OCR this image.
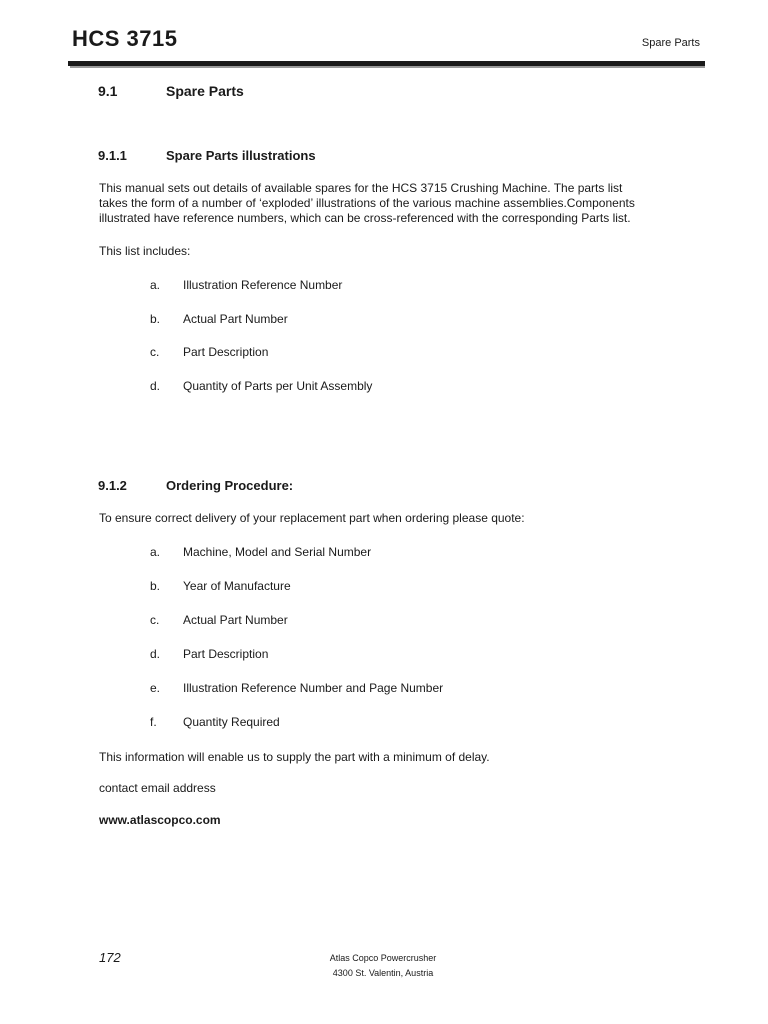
HCS 3715	Spare Parts
9.1	Spare Parts
9.1.1	Spare Parts illustrations
This manual sets out details of available spares for the HCS 3715 Crushing Machine. The parts list
takes the form of a number of ‘exploded’ illustrations of the various machine assemblies.Components
illustrated have reference numbers, which can be cross-referenced with the corresponding Parts list.
This list includes:
a. Illustration Reference Number
b. Actual Part Number
c. Part Description
d. Quantity of Parts per Unit Assembly
9.1.2	Ordering Procedure:
To ensure correct delivery of your replacement part when ordering please quote:
a. Machine, Model and Serial Number
b. Year of Manufacture
c. Actual Part Number
d. Part Description
e. Illustration Reference Number and Page Number
f. Quantity Required
This information will enable us to supply the part with a minimum of delay.
contact email address
www.atlascopco.com
172	Atlas Copco Powercrusher
4300 St. Valentin, Austria
